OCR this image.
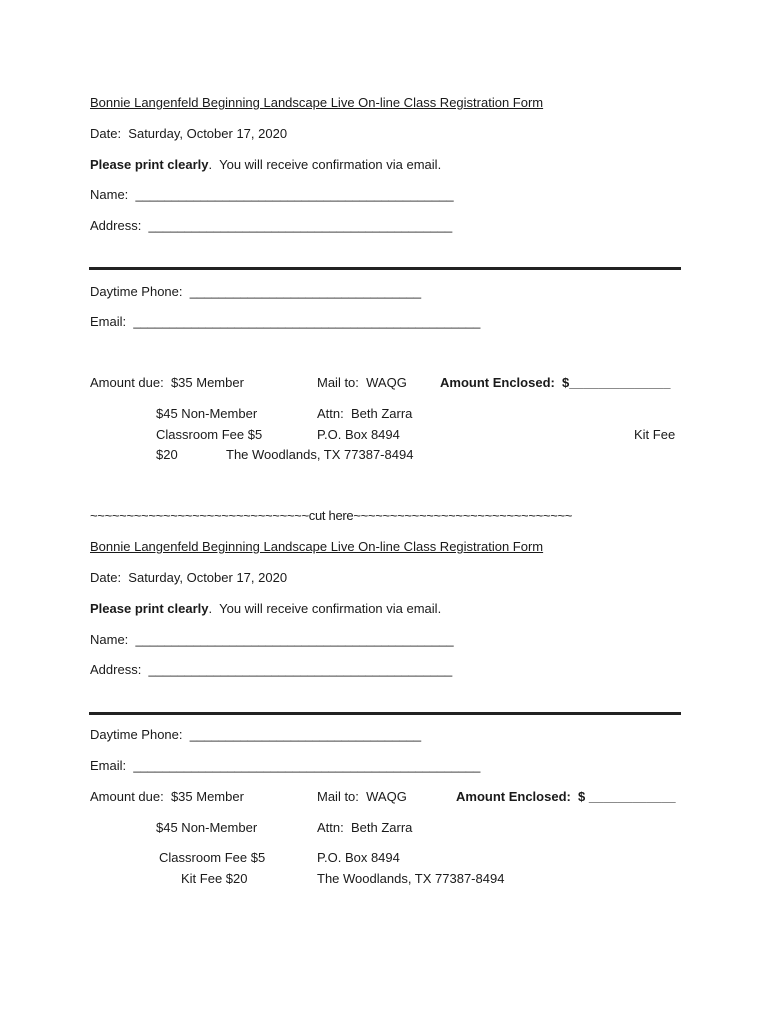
Bonnie Langenfeld Beginning Landscape Live On-line Class Registration Form
Date:  Saturday, October 17, 2020
Please print clearly.  You will receive confirmation via email.
Name:  ____________________________________________
Address:  __________________________________________
Daytime Phone:  ________________________________
Email:  ________________________________________________
Amount due:  $35 Member	Mail to:  WAQG	Amount Enclosed:  $______________
$45 Non-Member	Attn:  Beth Zarra
Classroom Fee $5	P.O. Box 8494	Kit Fee
$20	The Woodlands, TX 77387-8494
~~~~~~~~~~~~~~~~~~~~~~~~~~~~~~cut here~~~~~~~~~~~~~~~~~~~~~~~~~~~~~~
Bonnie Langenfeld Beginning Landscape Live On-line Class Registration Form
Date:  Saturday, October 17, 2020
Please print clearly.  You will receive confirmation via email.
Name:  ____________________________________________
Address:  __________________________________________
Daytime Phone:  ________________________________
Email:  ________________________________________________
Amount due:  $35 Member	Mail to:  WAQG	Amount Enclosed:  $ ____________
$45 Non-Member	Attn:  Beth Zarra
Classroom Fee $5	P.O. Box 8494
Kit Fee $20	The Woodlands, TX 77387-8494
